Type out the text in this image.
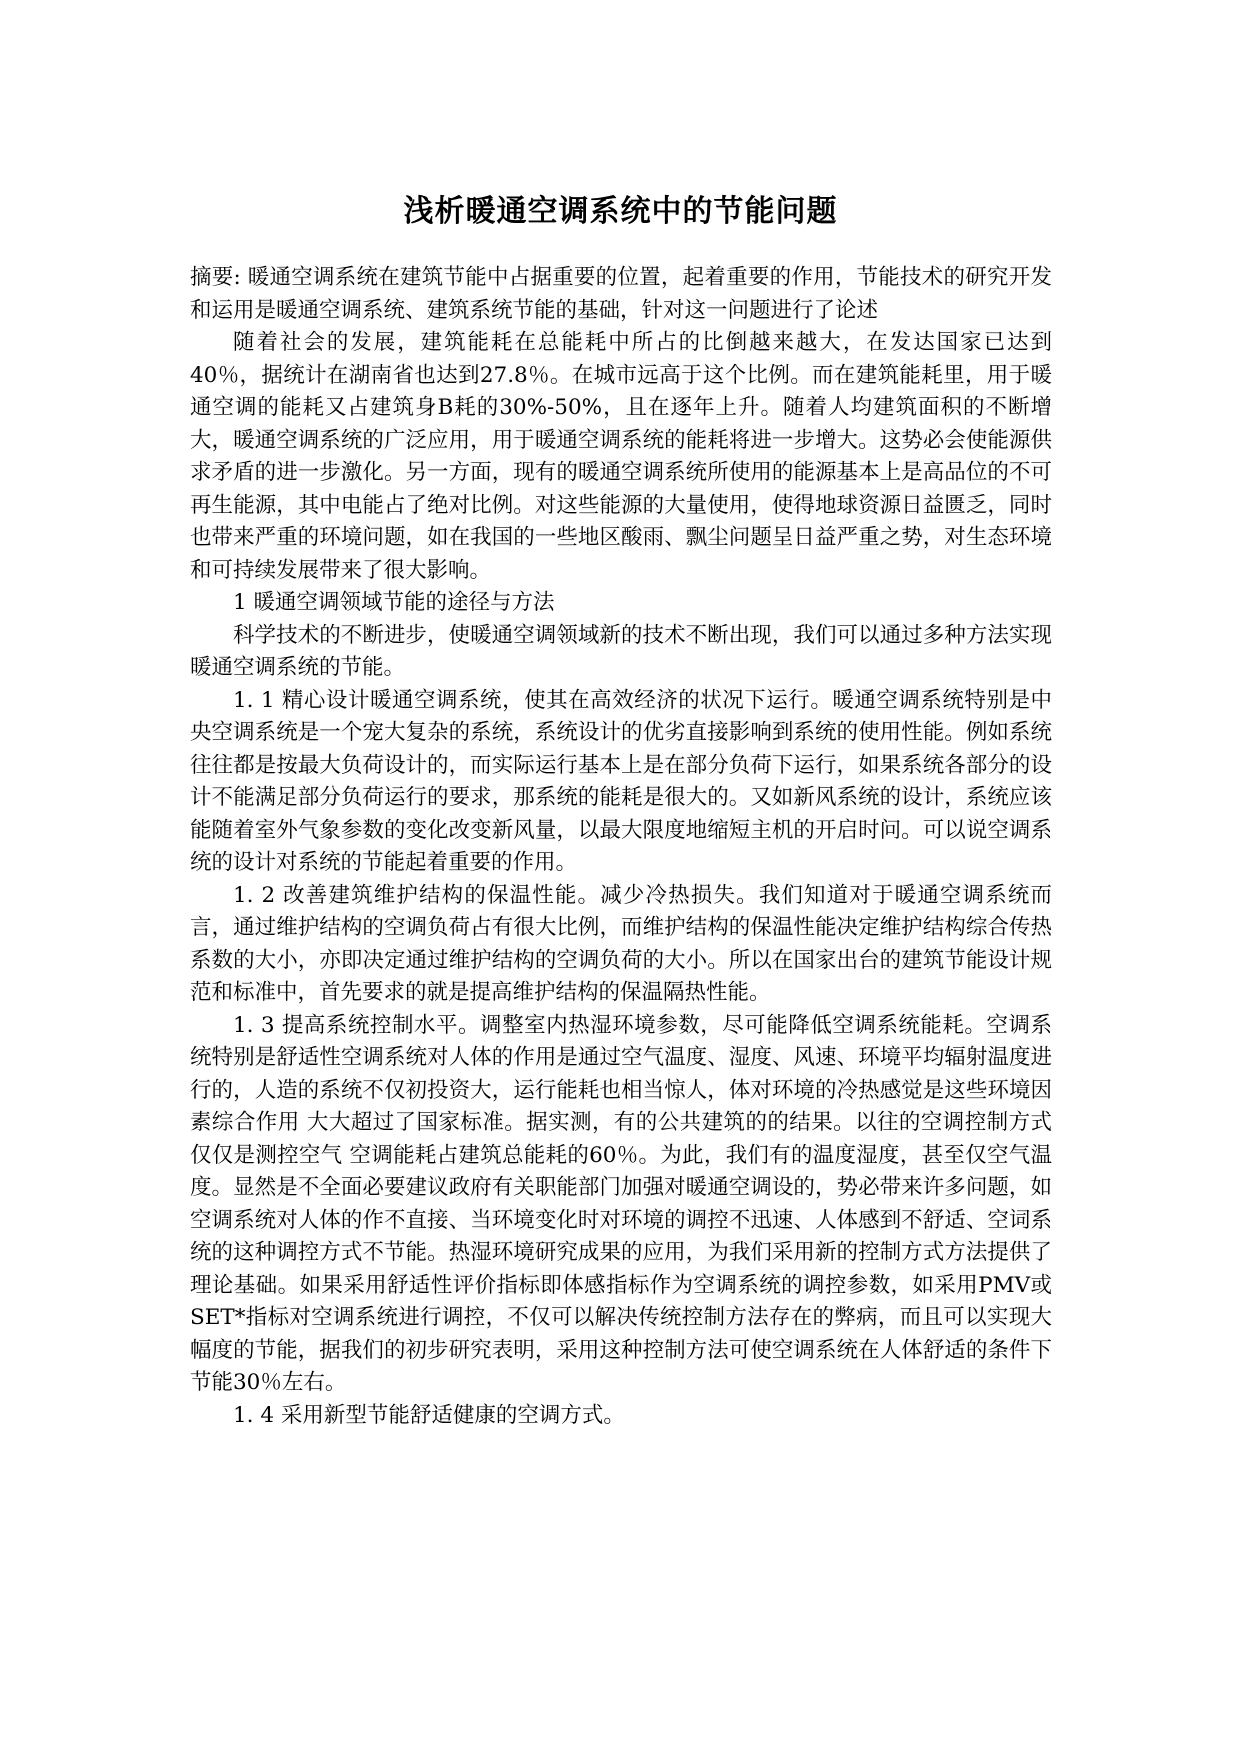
浅析暖通空调系统中的节能问题

摘要: 暖通空调系统在建筑节能中占据重要的位置，起着重要的作用，节能技术的研究开发和运用是暖通空调系统、建筑系统节能的基础，针对这一问题进行了论述

随着社会的发展，建筑能耗在总能耗中所占的比倒越来越大，在发达国家已达到40％，据统计在湖南省也达到27.8％。在城市远高于这个比例。而在建筑能耗里，用于暖通空调的能耗又占建筑身B耗的30%-50%，且在逐年上升。随着人均建筑面积的不断增大，暖通空调系统的广泛应用，用于暖通空调系统的能耗将进一步增大。这势必会使能源供求矛盾的进一步激化。另一方面，现有的暖通空调系统所使用的能源基本上是高品位的不可再生能源，其中电能占了绝对比例。对这些能源的大量使用，使得地球资源日益匮乏，同时也带来严重的环境问题，如在我国的一些地区酸雨、飘尘问题呈日益严重之势，对生态环境和可持续发展带来了很大影响。

1 暖通空调领域节能的途径与方法

科学技术的不断进步，使暖通空调领域新的技术不断出现，我们可以通过多种方法实现暖通空调系统的节能。

1. 1 精心设计暖通空调系统，使其在高效经济的状况下运行。暖通空调系统特别是中央空调系统是一个宠大复杂的系统，系统设计的优劣直接影响到系统的使用性能。例如系统往往都是按最大负荷设计的，而实际运行基本上是在部分负荷下运行，如果系统各部分的设计不能满足部分负荷运行的要求，那系统的能耗是很大的。又如新风系统的设计，系统应该能随着室外气象参数的变化改变新风量，以最大限度地缩短主机的开启时问。可以说空调系统的设计对系统的节能起着重要的作用。

1. 2 改善建筑维护结构的保温性能。减少冷热损失。我们知道对于暖通空调系统而言，通过维护结构的空调负荷占有很大比例，而维护结构的保温性能决定维护结构综合传热系数的大小，亦即决定通过维护结构的空调负荷的大小。所以在国家出台的建筑节能设计规范和标准中，首先要求的就是提高维护结构的保温隔热性能。

1. 3 提高系统控制水平。调整室内热湿环境参数，尽可能降低空调系统能耗。空调系统特别是舒适性空调系统对人体的作用是通过空气温度、湿度、风速、环境平均辐射温度进行的，人造的系统不仅初投资大，运行能耗也相当惊人，体对环境的冷热感觉是这些环境因素综合作用 大大超过了国家标准。据实测，有的公共建筑的的结果。以往的空调控制方式仅仅是测控空气 空调能耗占建筑总能耗的60％。为此，我们有的温度湿度，甚至仅空气温度。显然是不全面必要建议政府有关职能部门加强对暖通空调设的，势必带来许多问题，如空调系统对人体的作不直接、当环境变化时对环境的调控不迅速、人体感到不舒适、空词系统的这种调控方式不节能。热湿环境研究成果的应用，为我们采用新的控制方式方法提供了理论基础。如果采用舒适性评价指标即体感指标作为空调系统的调控参数，如采用PMV或SET*指标对空调系统进行调控，不仅可以解决传统控制方法存在的弊病，而且可以实现大幅度的节能，据我们的初步研究表明，采用这种控制方法可使空调系统在人体舒适的条件下节能30％左右。

1. 4 采用新型节能舒适健康的空调方式。
